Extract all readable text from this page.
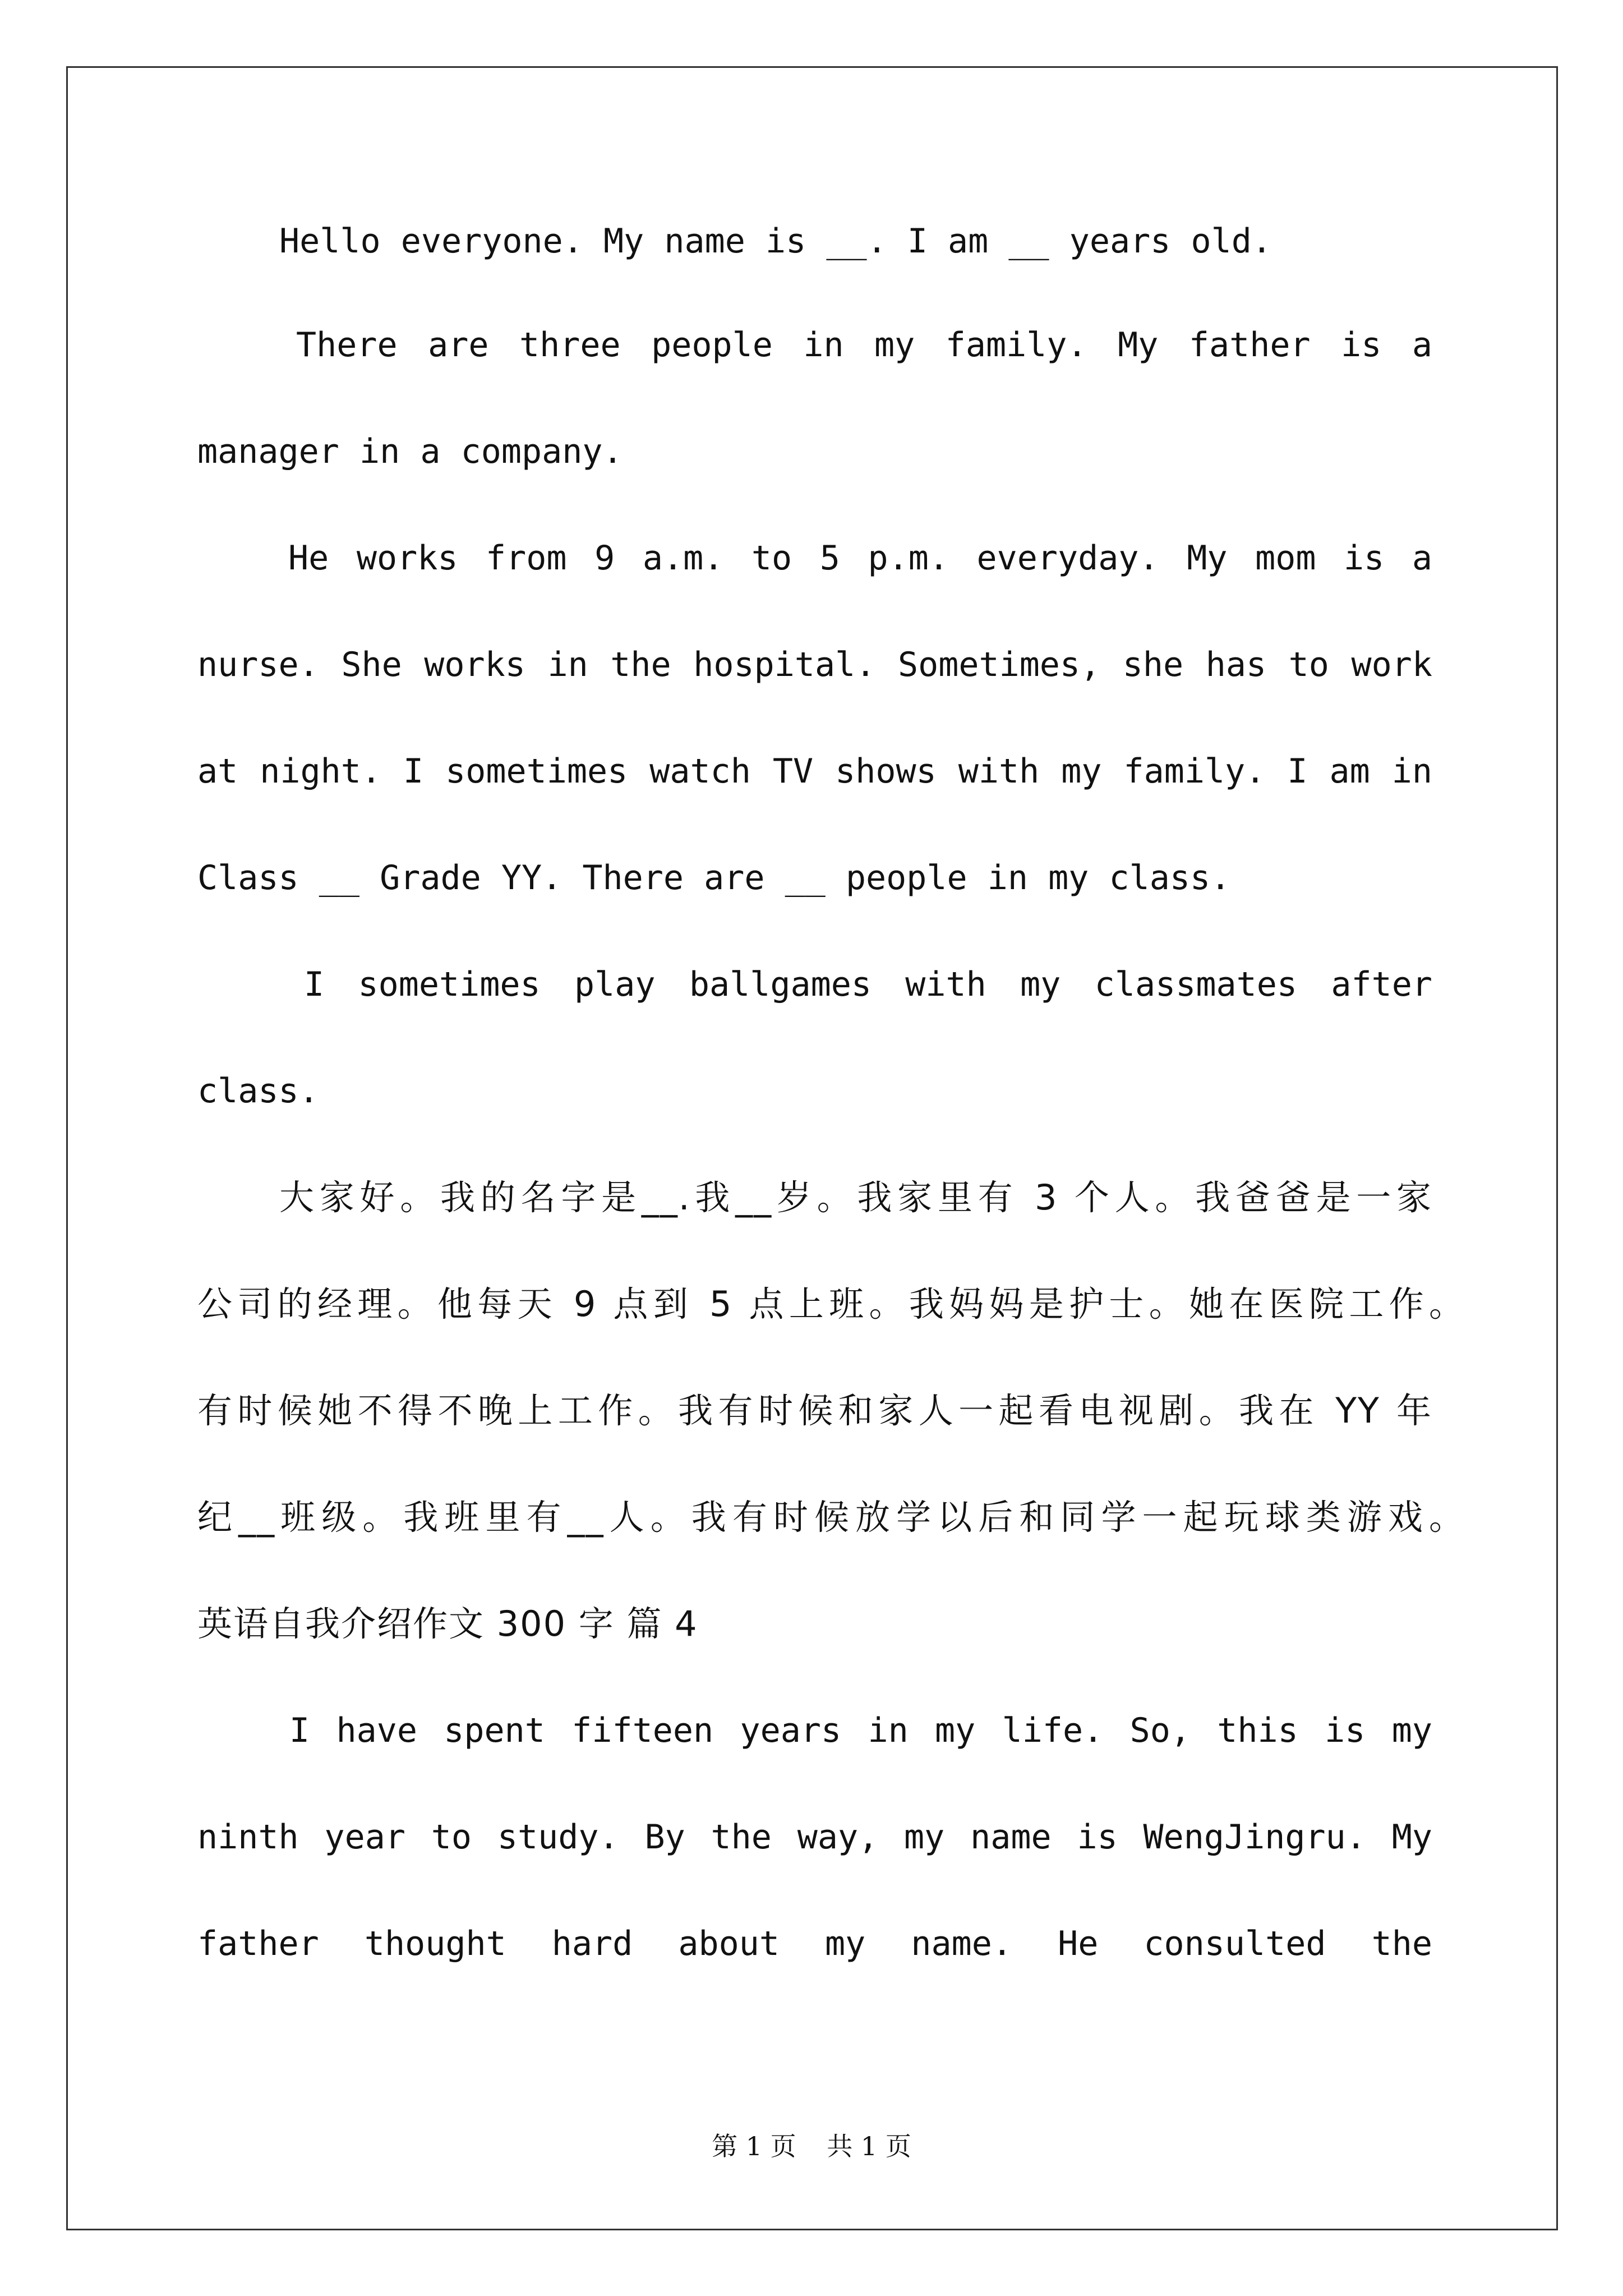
Hello everyone. My name is __. I am __ years old.
There are three people in my family. My father is a
manager in a company.
He works from 9 a.m. to 5 p.m. everyday. My mom is a
nurse. She works in the hospital. Sometimes, she has to work
at night. I sometimes watch TV shows with my family. I am in
Class __ Grade YY. There are __ people in my class.
I sometimes play ballgames with my classmates after
class.
大家好。我的名字是__.我__岁。我家里有 3 个人。我爸爸是一家
公司的经理。他每天 9 点到 5 点上班。我妈妈是护士。她在医院工作。
有时候她不得不晚上工作。我有时候和家人一起看电视剧。我在 YY 年
纪__班级。我班里有__人。我有时候放学以后和同学一起玩球类游戏。
英语自我介绍作文 300 字 篇 4
I have spent fifteen years in my life. So, this is my
ninth year to study. By the way, my name is WengJingru. My
father thought hard about my name. He consulted the
第 1 页 共 1 页
